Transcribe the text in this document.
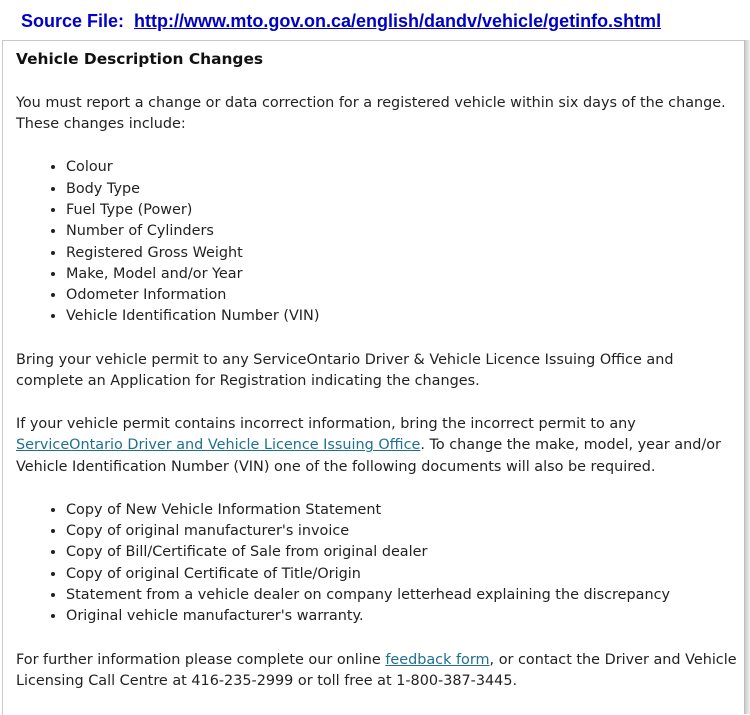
Source File: http://www.mto.gov.on.ca/english/dandv/vehicle/getinfo.shtml
Vehicle Description Changes

You must report a change or data correction for a registered vehicle within six days of the change. These changes include:

• Colour
• Body Type
• Fuel Type (Power)
• Number of Cylinders
• Registered Gross Weight
• Make, Model and/or Year
• Odometer Information
• Vehicle Identification Number (VIN)

Bring your vehicle permit to any ServiceOntario Driver & Vehicle Licence Issuing Office and complete an Application for Registration indicating the changes.

If your vehicle permit contains incorrect information, bring the incorrect permit to any ServiceOntario Driver and Vehicle Licence Issuing Office. To change the make, model, year and/or Vehicle Identification Number (VIN) one of the following documents will also be required.

• Copy of New Vehicle Information Statement
• Copy of original manufacturer's invoice
• Copy of Bill/Certificate of Sale from original dealer
• Copy of original Certificate of Title/Origin
• Statement from a vehicle dealer on company letterhead explaining the discrepancy
• Original vehicle manufacturer's warranty.

For further information please complete our online feedback form, or contact the Driver and Vehicle Licensing Call Centre at 416-235-2999 or toll free at 1-800-387-3445.
